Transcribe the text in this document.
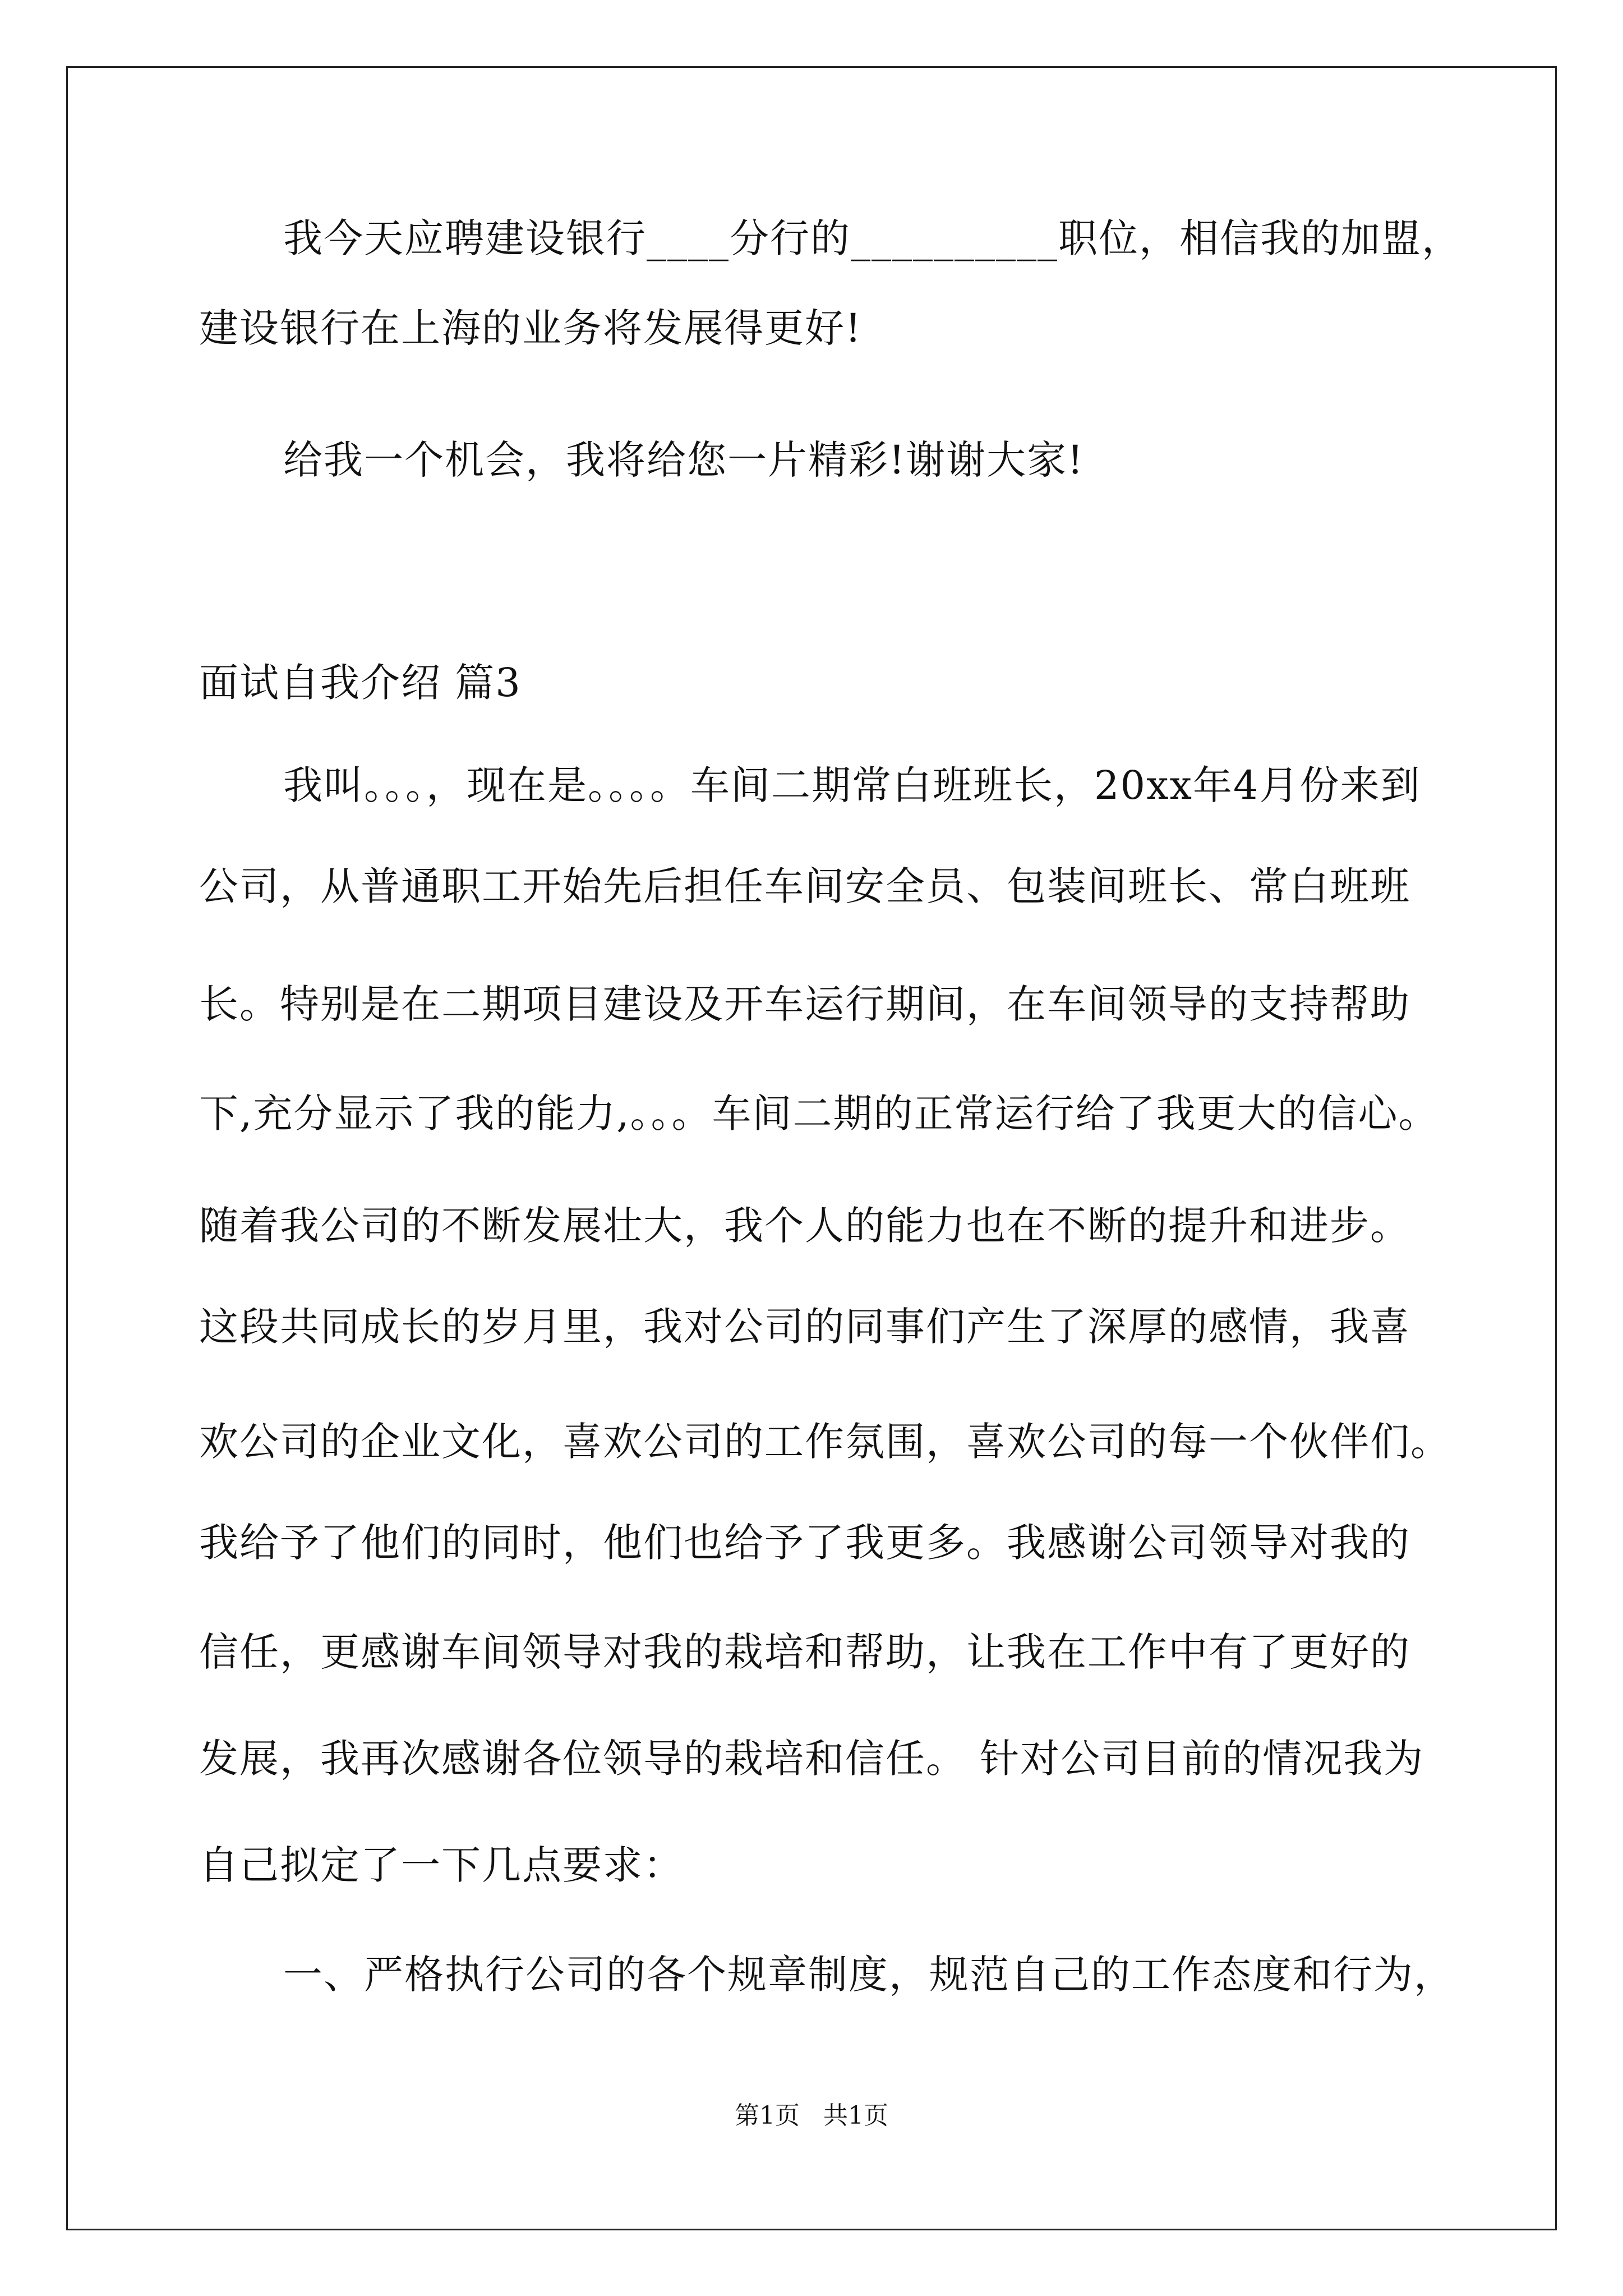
我今天应聘建设银行____分行的__________职位，相信我的加盟，
建设银行在上海的业务将发展得更好!
给我一个机会，我将给您一片精彩!谢谢大家!
面试自我介绍 篇3
我叫。。。，现在是。。。。车间二期常白班班长，20xx年4月份来到
公司，从普通职工开始先后担任车间安全员、包装间班长、常白班班
长。特别是在二期项目建设及开车运行期间，在车间领导的支持帮助
下,充分显示了我的能力,。。。车间二期的正常运行给了我更大的信心。
随着我公司的不断发展壮大，我个人的能力也在不断的提升和进步。
这段共同成长的岁月里，我对公司的同事们产生了深厚的感情，我喜
欢公司的企业文化，喜欢公司的工作氛围，喜欢公司的每一个伙伴们。
我给予了他们的同时，他们也给予了我更多。我感谢公司领导对我的
信任，更感谢车间领导对我的栽培和帮助，让我在工作中有了更好的
发展，我再次感谢各位领导的栽培和信任。 针对公司目前的情况我为
自己拟定了一下几点要求：
一、严格执行公司的各个规章制度，规范自己的工作态度和行为，
第1页   共1页
